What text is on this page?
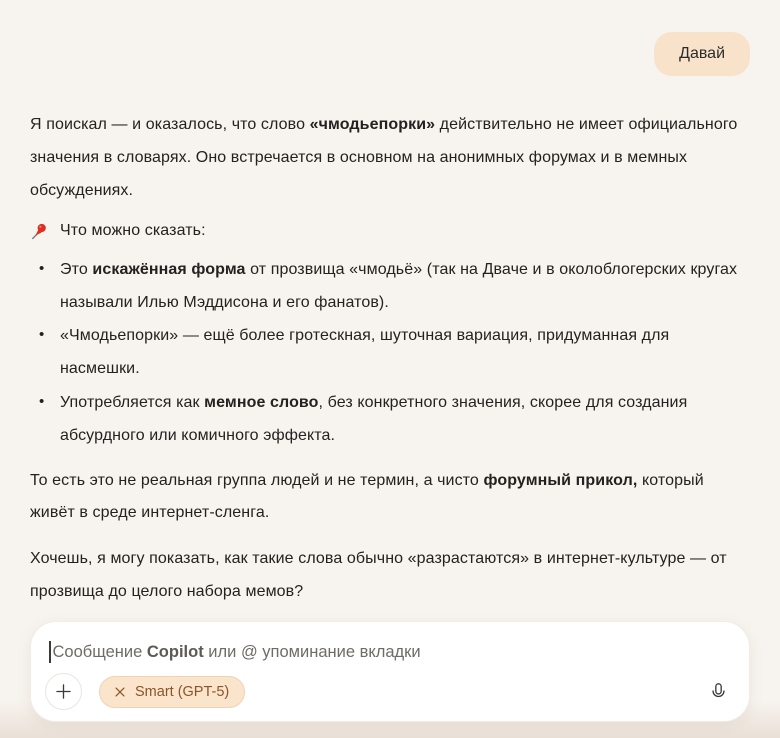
Давай

Я поискал — и оказалось, что слово «чмодьепорки» действительно не имеет официального значения в словарях. Оно встречается в основном на анонимных форумах и в мемных обсуждениях.

Что можно сказать:
• Это искажённая форма от прозвища «чмодьё» (так на Дваче и в околоблогерских кругах называли Илью Мэддисона и его фанатов).
• «Чмодьепорки» — ещё более гротескная, шуточная вариация, придуманная для насмешки.
• Употребляется как мемное слово, без конкретного значения, скорее для создания абсурдного или комичного эффекта.

То есть это не реальная группа людей и не термин, а чисто форумный прикол, который живёт в среде интернет-сленга.

Хочешь, я могу показать, как такие слова обычно «разрастаются» в интернет-культуре — от прозвища до целого набора мемов?

Сообщение Copilot или @ упоминание вкладки
Smart (GPT-5)
